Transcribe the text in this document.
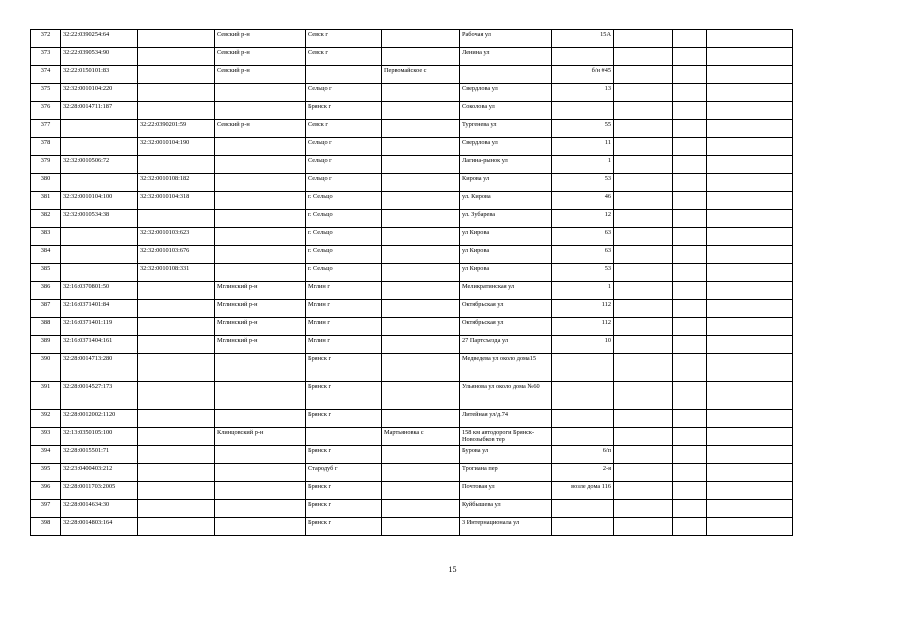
372	32:22:0390254:64		Севский р-н	Севск г		Рабочая ул	15А			
373	32:22:0390534:90		Севский р-н	Севск г		Ленина ул				
374	32:22:0150101:83		Севский р-н		Первомайское с		б/н #45			
375	32:32:0010104:220			Сельцо г		Свердлова ул	13			
376	32:28:0014711:187			Брянск г		Соколова ул				
377		32:22:0390201:59	Севский р-н	Севск г		Тургенева ул	55			
378		32:32:0010104:190		Сельцо г		Свердлова ул	11			
379	32:32:0010506:72			Сельцо г		Лагина-рынок ул	1			
380		32:32:0010108:182		Сельцо г		Кирова ул	53			
381	32:32:0010104:100	32:32:0010104:318		г. Сельцо		ул. Кирова	46			
382	32:32:0010534:38			г. Сельцо		ул. Зубарева	12			
383		32:32:0010103:623		г. Сельцо		ул Кирова	63			
384		32:32:0010103:676		г. Сельцо		ул Кирова	63			
385		32:32:0010108:331		г. Сельцо		ул Кирова	53			
386	32:16:0370801:50		Мглинский р-н	Мглин г		Меликратинская ул	1			
387	32:16:0371401:84		Мглинский р-н	Мглин г		Октябрьская ул	112			
388	32:16:0371401:119		Мглинский р-н	Мглин г		Октябрьская ул	112			
389	32:16:0371404:161		Мглинский р-н	Мглин г		27 Партсъезда ул	10			
390	32:28:0014713:280			Брянск г		Медведева ул около дома15				
391	32:28:0014527:173			Брянск г		Ульянова ул около дома №60				
392	32:28:0012002:1120			Брянск г		Литейная ул/д.74				
393	32:13:0350105:100		Клинцовский р-н		Мартьяновка с	158 км автодороги Брянск-Новозыбков тер				
394	32:28:0015501:71			Брянск г		Бурова ул	6/п			
395	32:23:0400403:212			Стародуб г		Трогиана пер	2-я			
396	32:28:0011703:2005			Брянск г		Почтовая ул	возле дома 116			
397	32:28:0014634:30			Брянск г		Куйбышева ул				
398	32:28:0014803:164			Брянск г		3 Интернационала ул				
15
